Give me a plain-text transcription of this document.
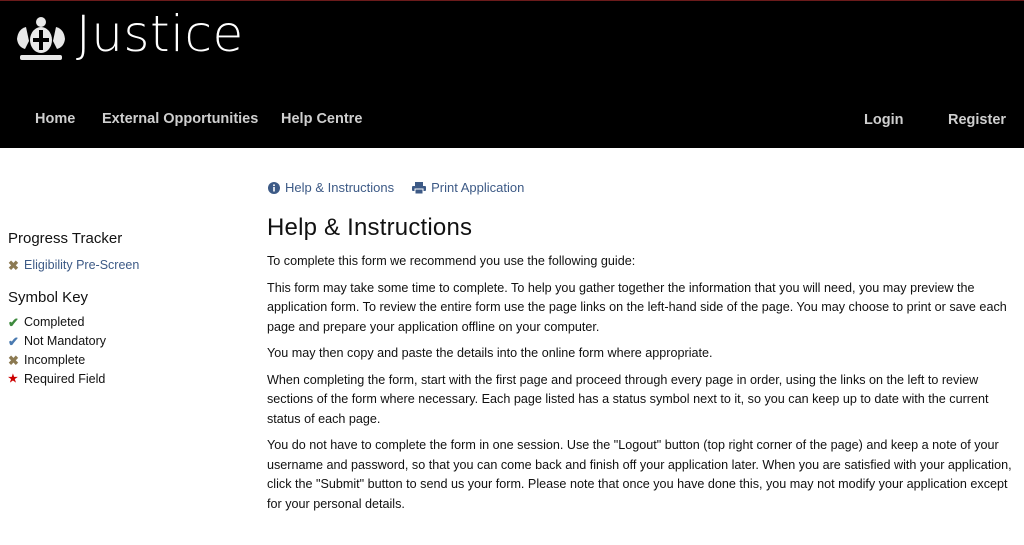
Justice
Home External Opportunities Help Centre	Login	Register
Progress Tracker
✖ Eligibility Pre-Screen
Symbol Key
✔ Completed
✔ Not Mandatory
✖ Incomplete
★ Required Field
Help & Instructions	Print Application
Help & Instructions

To complete this form we recommend you use the following guide:

This form may take some time to complete. To help you gather together the information that you will need, you may preview the application form. To review the entire form use the page links on the left-hand side of the page. You may choose to print or save each page and prepare your application offline on your computer.

You may then copy and paste the details into the online form where appropriate.

When completing the form, start with the first page and proceed through every page in order, using the links on the left to review sections of the form where necessary. Each page listed has a status symbol next to it, so you can keep up to date with the current status of each page.

You do not have to complete the form in one session. Use the "Logout" button (top right corner of the page) and keep a note of your username and password, so that you can come back and finish off your application later. When you are satisfied with your application, click the "Submit" button to send us your form. Please note that once you have done this, you may not modify your application except for your personal details.
